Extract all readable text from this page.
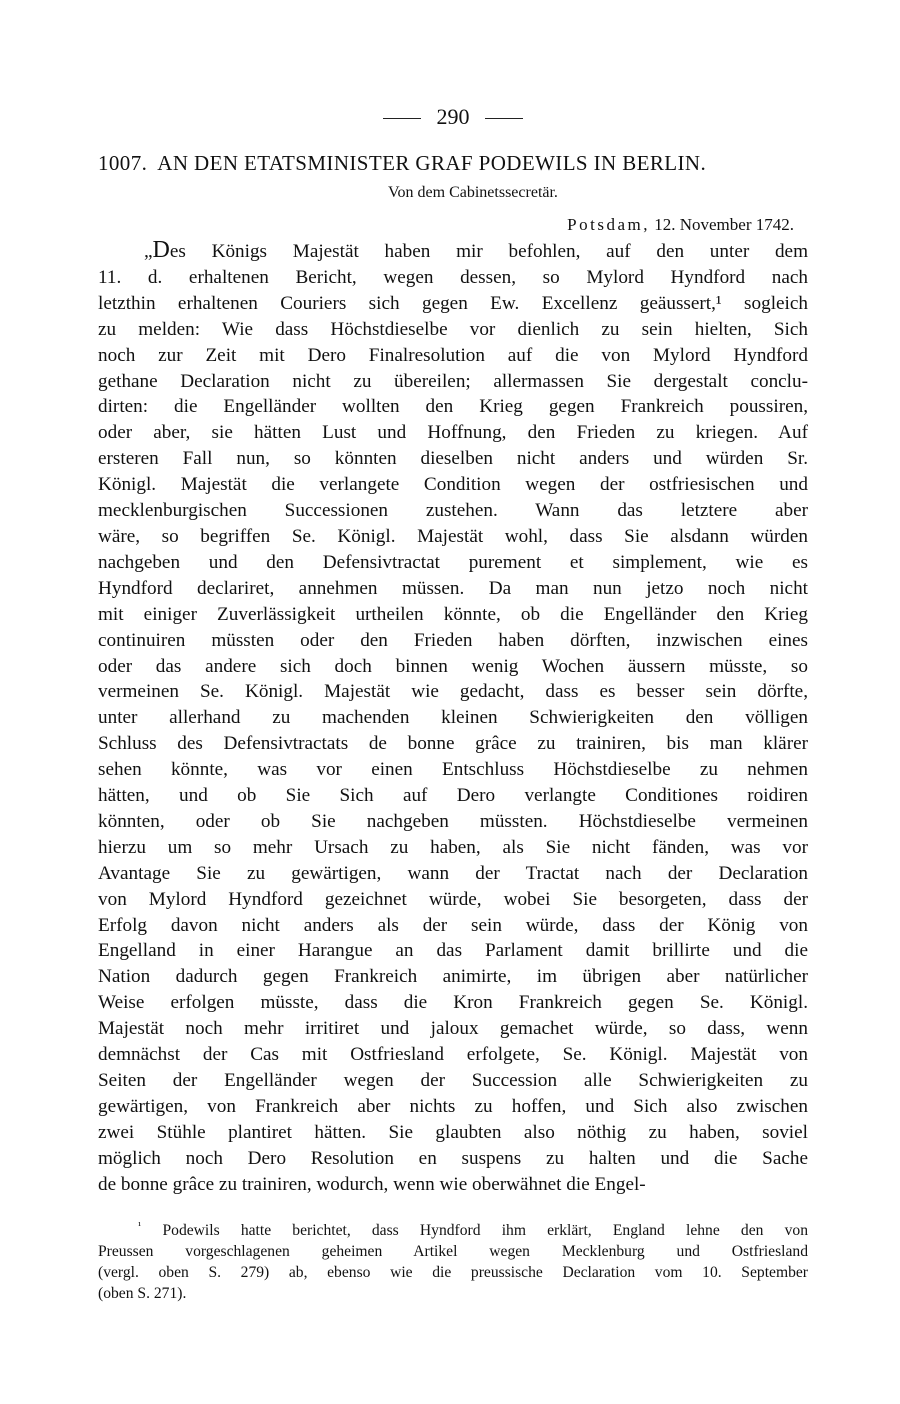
290
1007. AN DEN ETATSMINISTER GRAF PODEWILS IN BERLIN.
Von dem Cabinetssecretär.
Potsdam, 12. November 1742.
„Des Königs Majestät haben mir befohlen, auf den unter dem
11. d. erhaltenen Bericht, wegen dessen, so Mylord Hyndford nach
letzthin erhaltenen Couriers sich gegen Ew. Excellenz geäussert,¹ sogleich
zu melden: Wie dass Höchstdieselbe vor dienlich zu sein hielten, Sich
noch zur Zeit mit Dero Finalresolution auf die von Mylord Hyndford
gethane Declaration nicht zu übereilen; allermassen Sie dergestalt conclu-
dirten: die Engelländer wollten den Krieg gegen Frankreich poussiren,
oder aber, sie hätten Lust und Hoffnung, den Frieden zu kriegen. Auf
ersteren Fall nun, so könnten dieselben nicht anders und würden Sr.
Königl. Majestät die verlangete Condition wegen der ostfriesischen und
mecklenburgischen Successionen zustehen. Wann das letztere aber
wäre, so begriffen Se. Königl. Majestät wohl, dass Sie alsdann würden
nachgeben und den Defensivtractat purement et simplement, wie es
Hyndford declariret, annehmen müssen. Da man nun jetzo noch nicht
mit einiger Zuverlässigkeit urtheilen könnte, ob die Engelländer den Krieg
continuiren müssten oder den Frieden haben dörften, inzwischen eines
oder das andere sich doch binnen wenig Wochen äussern müsste, so
vermeinen Se. Königl. Majestät wie gedacht, dass es besser sein dörfte,
unter allerhand zu machenden kleinen Schwierigkeiten den völligen
Schluss des Defensivtractats de bonne grâce zu trainiren, bis man klärer
sehen könnte, was vor einen Entschluss Höchstdieselbe zu nehmen
hätten, und ob Sie Sich auf Dero verlangte Conditiones roidiren
könnten, oder ob Sie nachgeben müssten. Höchstdieselbe vermeinen
hierzu um so mehr Ursach zu haben, als Sie nicht fänden, was vor
Avantage Sie zu gewärtigen, wann der Tractat nach der Declaration
von Mylord Hyndford gezeichnet würde, wobei Sie besorgeten, dass der
Erfolg davon nicht anders als der sein würde, dass der König von
Engelland in einer Harangue an das Parlament damit brillirte und die
Nation dadurch gegen Frankreich animirte, im übrigen aber natürlicher
Weise erfolgen müsste, dass die Kron Frankreich gegen Se. Königl.
Majestät noch mehr irritiret und jaloux gemachet würde, so dass, wenn
demnächst der Cas mit Ostfriesland erfolgete, Se. Königl. Majestät von
Seiten der Engelländer wegen der Succession alle Schwierigkeiten zu
gewärtigen, von Frankreich aber nichts zu hoffen, und Sich also zwischen
zwei Stühle plantiret hätten. Sie glaubten also nöthig zu haben, soviel
möglich noch Dero Resolution en suspens zu halten und die Sache
de bonne grâce zu trainiren, wodurch, wenn wie oberwähnet die Engel-
$^{^1}$ Podewils hatte berichtet, dass Hyndford ihm erklärt, England lehne den von
Preussen vorgeschlagenen geheimen Artikel wegen Mecklenburg und Ostfriesland
(vergl. oben S. 279) ab, ebenso wie die preussische Declaration vom 10. September
(oben S. 271).
